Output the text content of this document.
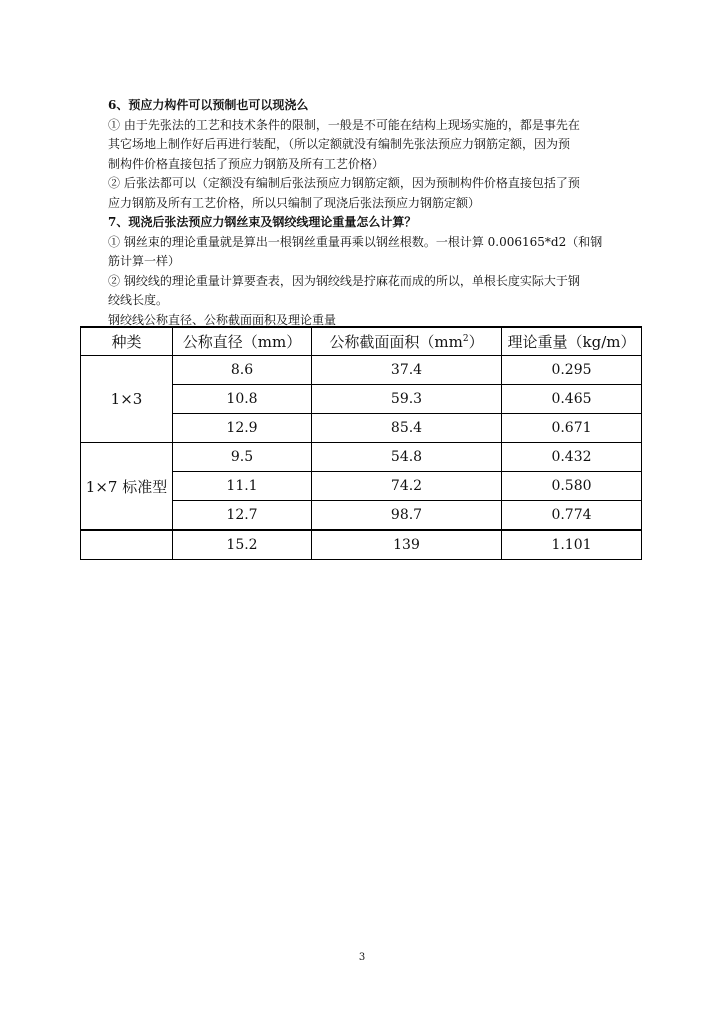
6、预应力构件可以预制也可以现浇么
① 由于先张法的工艺和技术条件的限制，一般是不可能在结构上现场实施的，都是事先在
其它场地上制作好后再进行装配，（所以定额就没有编制先张法预应力钢筋定额，因为预
制构件价格直接包括了预应力钢筋及所有工艺价格）
② 后张法都可以（定额没有编制后张法预应力钢筋定额，因为预制构件价格直接包括了预
应力钢筋及所有工艺价格，所以只编制了现浇后张法预应力钢筋定额）
7、现浇后张法预应力钢丝束及钢绞线理论重量怎么计算？
① 钢丝束的理论重量就是算出一根钢丝重量再乘以钢丝根数。一根计算 0.006165*d2（和钢
筋计算一样）
② 钢绞线的理论重量计算要查表，因为钢绞线是拧麻花而成的所以，单根长度实际大于钢
绞线长度。
钢绞线公称直径、公称截面面积及理论重量
种类	公称直径（mm）	公称截面面积$(mm^2)$	理论重量（kg/m）
1×3	8.6	37.4	0.295
	10.8	59.3	0.465
	12.9	85.4	0.671
1×7 标准型	9.5	54.8	0.432
	11.1	74.2	0.580
	12.7	98.7	0.774
	15.2	139	1.101
3
